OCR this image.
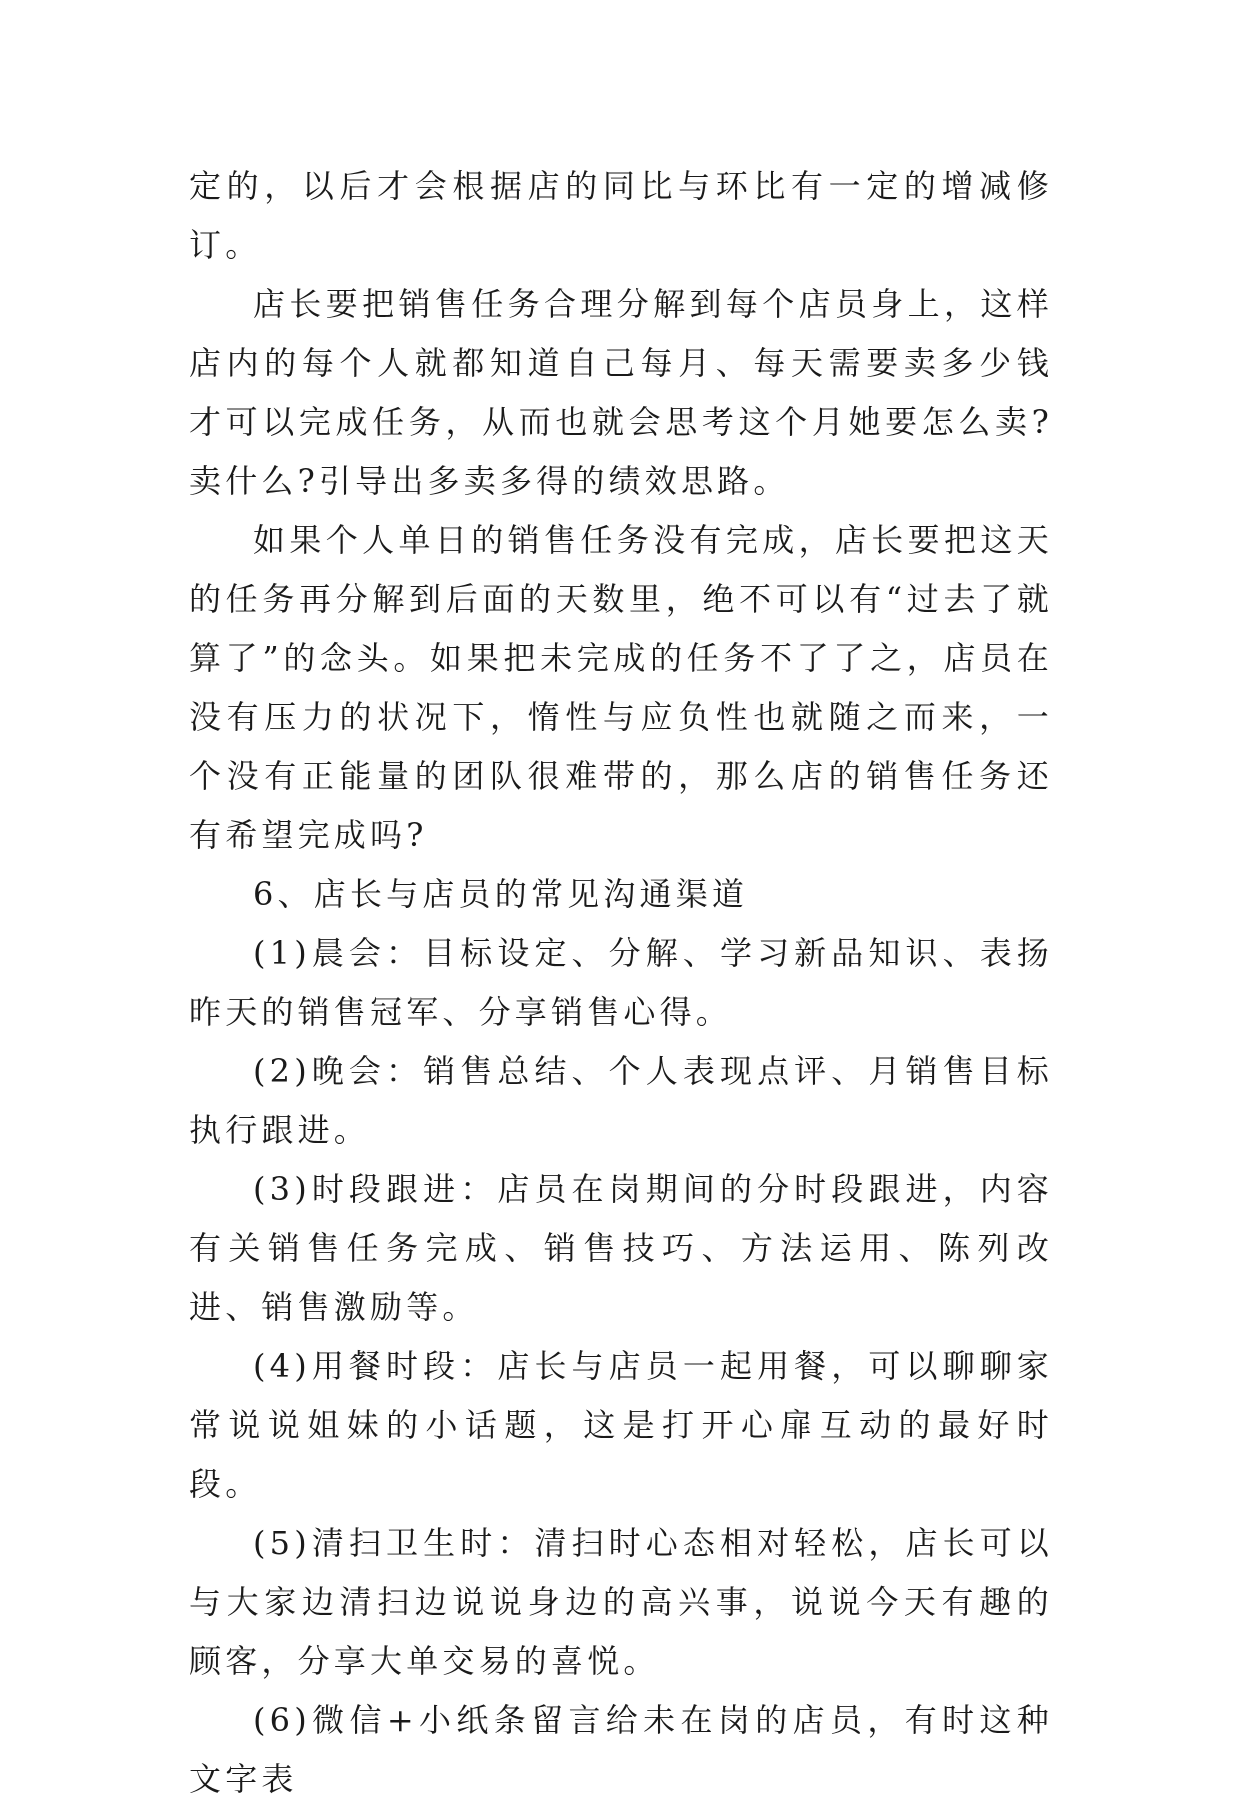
定的，以后才会根据店的同比与环比有一定的增减修订。

店长要把销售任务合理分解到每个店员身上，这样店内的每个人就都知道自己每月、每天需要卖多少钱才可以完成任务，从而也就会思考这个月她要怎么卖?卖什么?引导出多卖多得的绩效思路。

如果个人单日的销售任务没有完成，店长要把这天的任务再分解到后面的天数里，绝不可以有“过去了就算了”的念头。如果把未完成的任务不了了之，店员在没有压力的状况下，惰性与应负性也就随之而来，一个没有正能量的团队很难带的，那么店的销售任务还有希望完成吗?

6、店长与店员的常见沟通渠道

(1)晨会：目标设定、分解、学习新品知识、表扬昨天的销售冠军、分享销售心得。

(2)晚会：销售总结、个人表现点评、月销售目标执行跟进。

(3)时段跟进：店员在岗期间的分时段跟进，内容有关销售任务完成、销售技巧、方法运用、陈列改进、销售激励等。

(4)用餐时段：店长与店员一起用餐，可以聊聊家常说说姐妹的小话题，这是打开心扉互动的最好时段。

(5)清扫卫生时：清扫时心态相对轻松，店长可以与大家边清扫边说说身边的高兴事，说说今天有趣的顾客，分享大单交易的喜悦。

(6)微信+小纸条留言给未在岗的店员，有时这种文字表
